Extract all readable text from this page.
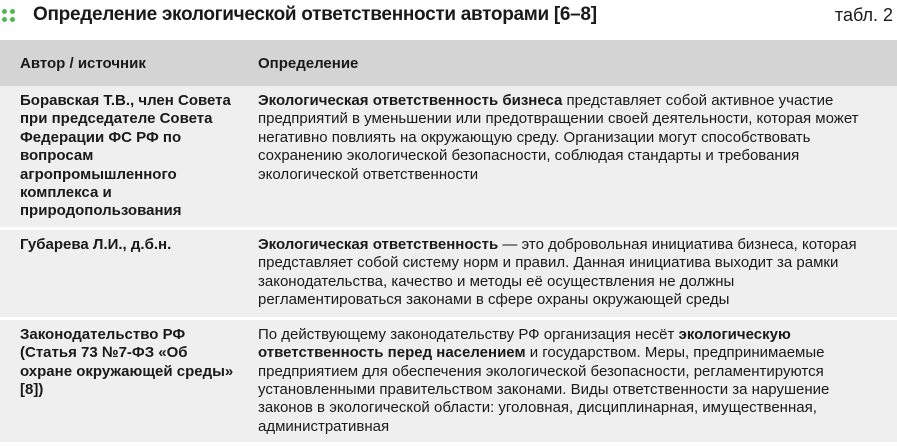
Определение экологической ответственности авторами [6–8]	табл. 2
Автор / источник	Определение
Боравская Т.В., член Совета при председателе Совета Федерации ФС РФ по вопросам агропромышленного комплекса и природопользования	Экологическая ответственность бизнеса представляет собой активное участие предприятий в уменьшении или предотвращении своей деятельности, которая может негативно повлиять на окружающую среду. Организации могут способствовать сохранению экологической безопасности, соблюдая стандарты и требования экологической ответственности
Губарева Л.И., д.б.н.	Экологическая ответственность — это добровольная инициатива бизнеса, которая представляет собой систему норм и правил. Данная инициатива выходит за рамки законодательства, качество и методы её осуществления не должны регламентироваться законами в сфере охраны окружающей среды
Законодательство РФ (Статья 73 №7-ФЗ «Об охране окружающей среды» [8])	По действующему законодательству РФ организация несёт экологическую ответственность перед населением и государством. Меры, предпринимаемые предприятием для обеспечения экологической безопасности, регламентируются установленными правительством законами. Виды ответственности за нарушение законов в экологической области: уголовная, дисциплинарная, имущественная, административная
